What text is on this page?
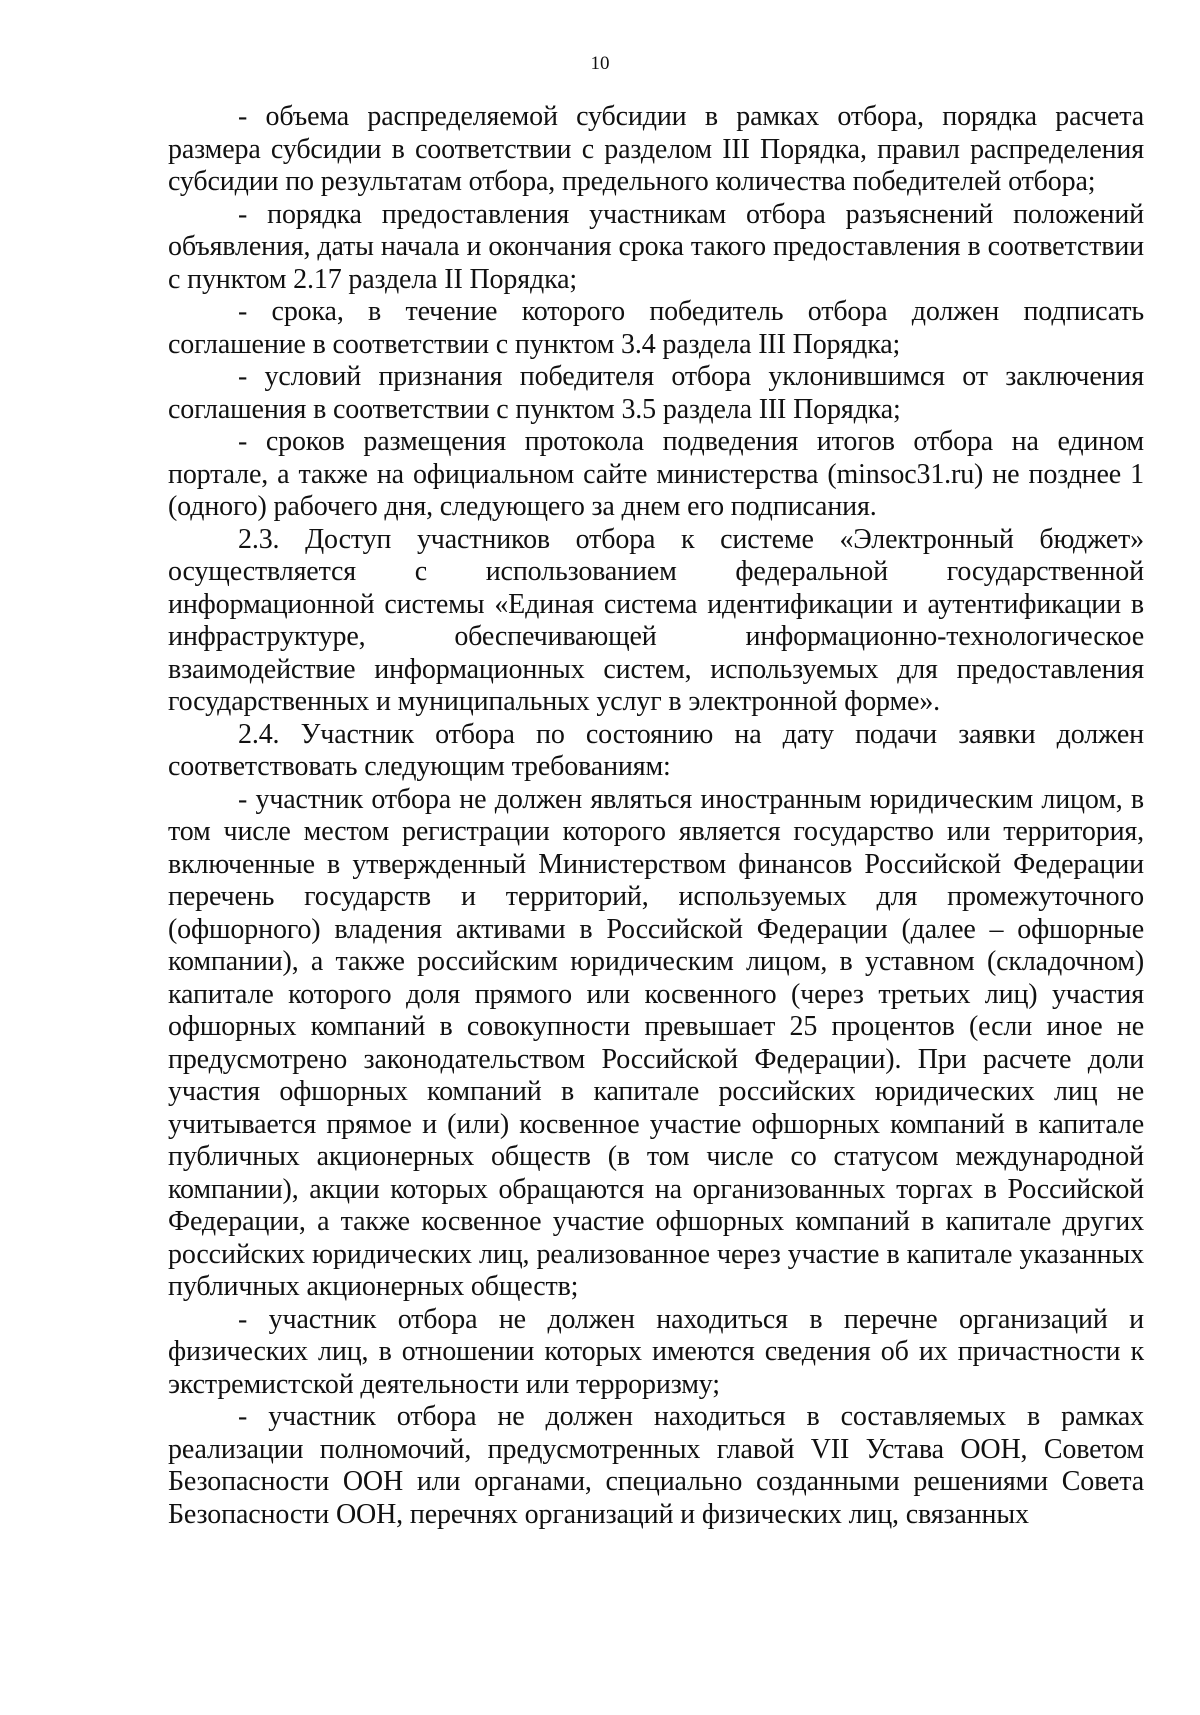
10

- объема распределяемой субсидии в рамках отбора, порядка расчета размера субсидии в соответствии с разделом III Порядка, правил распределения субсидии по результатам отбора, предельного количества победителей отбора;

- порядка предоставления участникам отбора разъяснений положений объявления, даты начала и окончания срока такого предоставления в соответствии с пунктом 2.17 раздела II Порядка;

- срока, в течение которого победитель отбора должен подписать соглашение в соответствии с пунктом 3.4 раздела III Порядка;

- условий признания победителя отбора уклонившимся от заключения соглашения в соответствии с пунктом 3.5 раздела III Порядка;

- сроков размещения протокола подведения итогов отбора на едином портале, а также на официальном сайте министерства (minsoc31.ru) не позднее 1 (одного) рабочего дня, следующего за днем его подписания.

2.3. Доступ участников отбора к системе «Электронный бюджет» осуществляется с использованием федеральной государственной информационной системы «Единая система идентификации и аутентификации в инфраструктуре, обеспечивающей информационно-технологическое взаимодействие информационных систем, используемых для предоставления государственных и муниципальных услуг в электронной форме».

2.4. Участник отбора по состоянию на дату подачи заявки должен соответствовать следующим требованиям:

- участник отбора не должен являться иностранным юридическим лицом, в том числе местом регистрации которого является государство или территория, включенные в утвержденный Министерством финансов Российской Федерации перечень государств и территорий, используемых для промежуточного (офшорного) владения активами в Российской Федерации (далее – офшорные компании), а также российским юридическим лицом, в уставном (складочном) капитале которого доля прямого или косвенного (через третьих лиц) участия офшорных компаний в совокупности превышает 25 процентов (если иное не предусмотрено законодательством Российской Федерации). При расчете доли участия офшорных компаний в капитале российских юридических лиц не учитывается прямое и (или) косвенное участие офшорных компаний в капитале публичных акционерных обществ (в том числе со статусом международной компании), акции которых обращаются на организованных торгах в Российской Федерации, а также косвенное участие офшорных компаний в капитале других российских юридических лиц, реализованное через участие в капитале указанных публичных акционерных обществ;

- участник отбора не должен находиться в перечне организаций и физических лиц, в отношении которых имеются сведения об их причастности к экстремистской деятельности или терроризму;

- участник отбора не должен находиться в составляемых в рамках реализации полномочий, предусмотренных главой VII Устава ООН, Советом Безопасности ООН или органами, специально созданными решениями Совета Безопасности ООН, перечнях организаций и физических лиц, связанных
